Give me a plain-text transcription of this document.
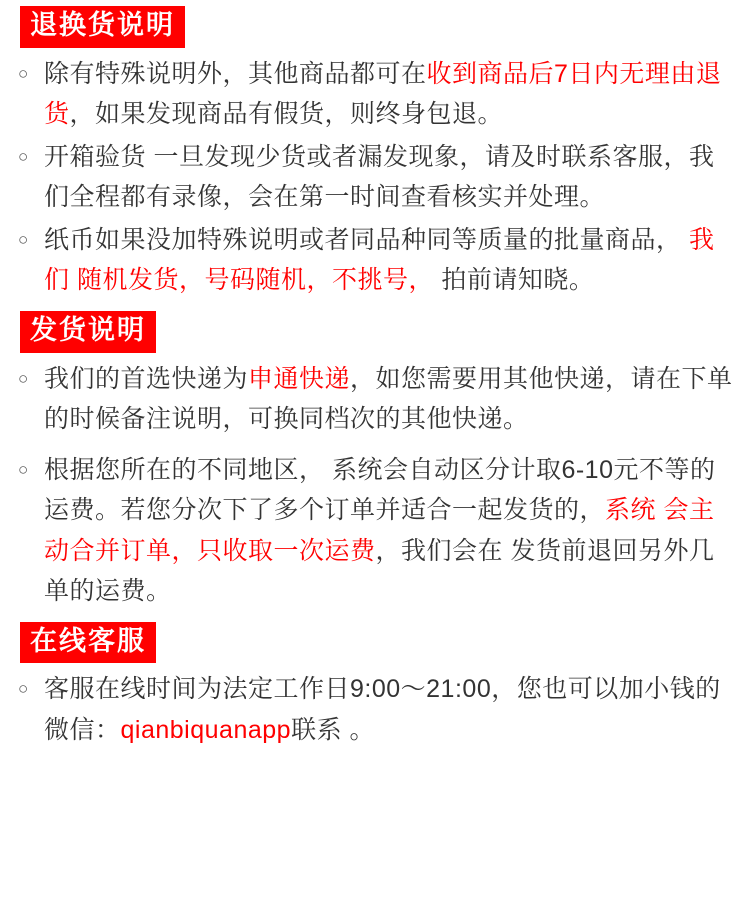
退换货说明
○ 除有特殊说明外，其他商品都可在收到商品后7日内无理由退货，如果发现商品有假货，则终身包退。
○ 开箱验货 一旦发现少货或者漏发现象，请及时联系客服，我们全程都有录像，会在第一时间查看核实并处理。
○ 纸币如果没加特殊说明或者同品种同等质量的批量商品， 我们 随机发货，号码随机，不挑号， 拍前请知晓。
发货说明
○ 我们的首选快递为申通快递，如您需要用其他快递，请在下单的时候备注说明，可换同档次的其他快递。
○ 根据您所在的不同地区， 系统会自动区分计取6-10元不等的运费。若您分次下了多个订单并适合一起发货的，系统 会主动合并订单，只收取一次运费，我们会在 发货前退回另外几单的运费。
在线客服
○ 客服在线时间为法定工作日9:00～21:00，您也可以加小钱的 微信：qianbiquanapp联系 。
